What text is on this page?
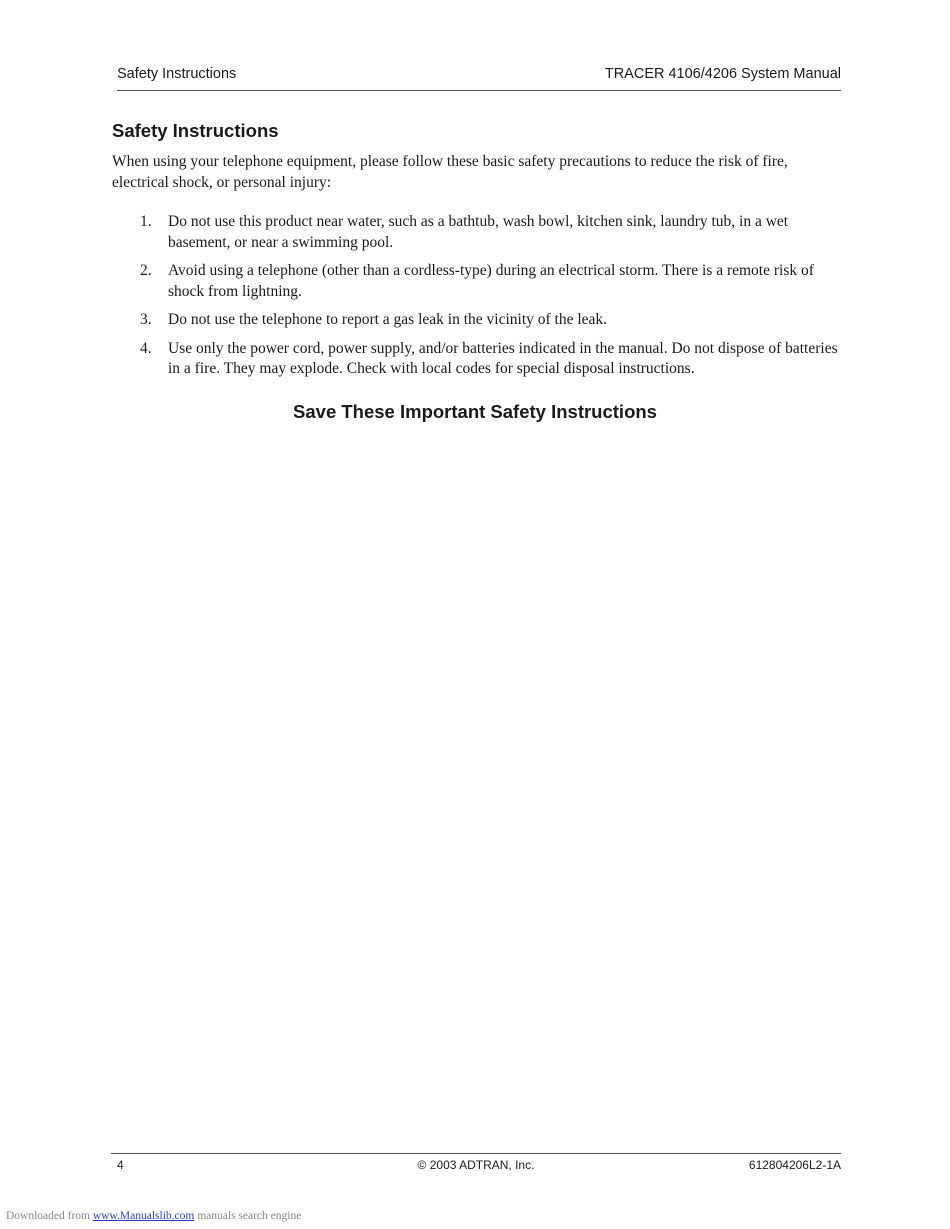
Safety Instructions	TRACER 4106/4206 System Manual
Safety Instructions
When using your telephone equipment, please follow these basic safety precautions to reduce the risk of fire, electrical shock, or personal injury:
1. Do not use this product near water, such as a bathtub, wash bowl, kitchen sink, laundry tub, in a wet basement, or near a swimming pool.
2. Avoid using a telephone (other than a cordless-type) during an electrical storm. There is a remote risk of shock from lightning.
3. Do not use the telephone to report a gas leak in the vicinity of the leak.
4. Use only the power cord, power supply, and/or batteries indicated in the manual. Do not dispose of batteries in a fire. They may explode. Check with local codes for special disposal instructions.
Save These Important Safety Instructions
4	© 2003 ADTRAN, Inc.	612804206L2-1A
Downloaded from www.Manualslib.com manuals search engine
